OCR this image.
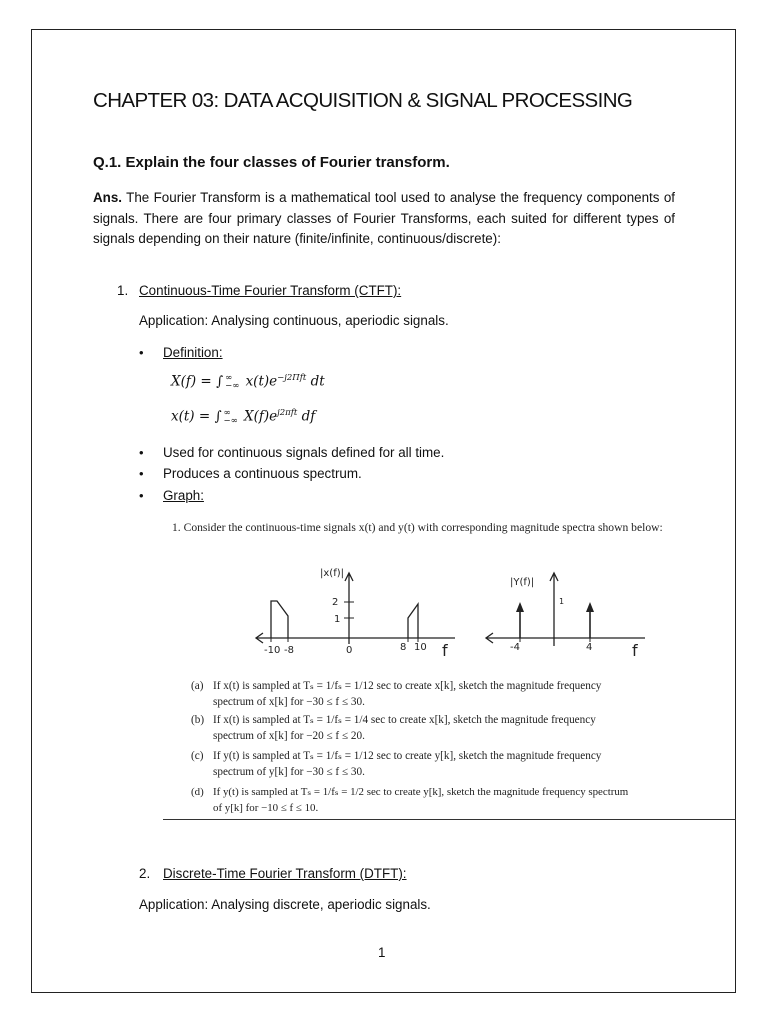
CHAPTER 03: DATA ACQUISITION & SIGNAL PROCESSING
Q.1. Explain the four classes of Fourier transform.
Ans. The Fourier Transform is a mathematical tool used to analyse the frequency components of signals. There are four primary classes of Fourier Transforms, each suited for different types of signals depending on their nature (finite/infinite, continuous/discrete):
1. Continuous-Time Fourier Transform (CTFT):
Application: Analysing continuous, aperiodic signals.
• Definition:
X(f) = ∫ ∞
−∞ $x(t)e^{-j2\Pi ft}$ dt
x(t) = ∫ ∞
−∞ $X(f)e^{j2\pi ft}$ df
• Used for continuous signals defined for all time.
• Produces a continuous spectrum.
• Graph:
1. Consider the continuous-time signals x(t) and y(t) with corresponding magnitude spectra shown below:
|x(f)|
2
1
-10 -8	0	8 10 f
|Y(f)|
1
-4	4 f
(a) If x(t) is sampled at Tₛ = 1/fₛ = 1/12 sec to create x[k], sketch the magnitude frequency
spectrum of x[k] for −30 ≤ f ≤ 30.
(b) If x(t) is sampled at Tₛ = 1/fₛ = 1/4 sec to create x[k], sketch the magnitude frequency
spectrum of x[k] for −20 ≤ f ≤ 20.
(c) If y(t) is sampled at Tₛ = 1/fₛ = 1/12 sec to create y[k], sketch the magnitude frequency
spectrum of y[k] for −30 ≤ f ≤ 30.
(d) If y(t) is sampled at Tₛ = 1/fₛ = 1/2 sec to create y[k], sketch the magnitude frequency spectrum
of y[k] for −10 ≤ f ≤ 10.
2. Discrete-Time Fourier Transform (DTFT):
Application: Analysing discrete, aperiodic signals.
1
